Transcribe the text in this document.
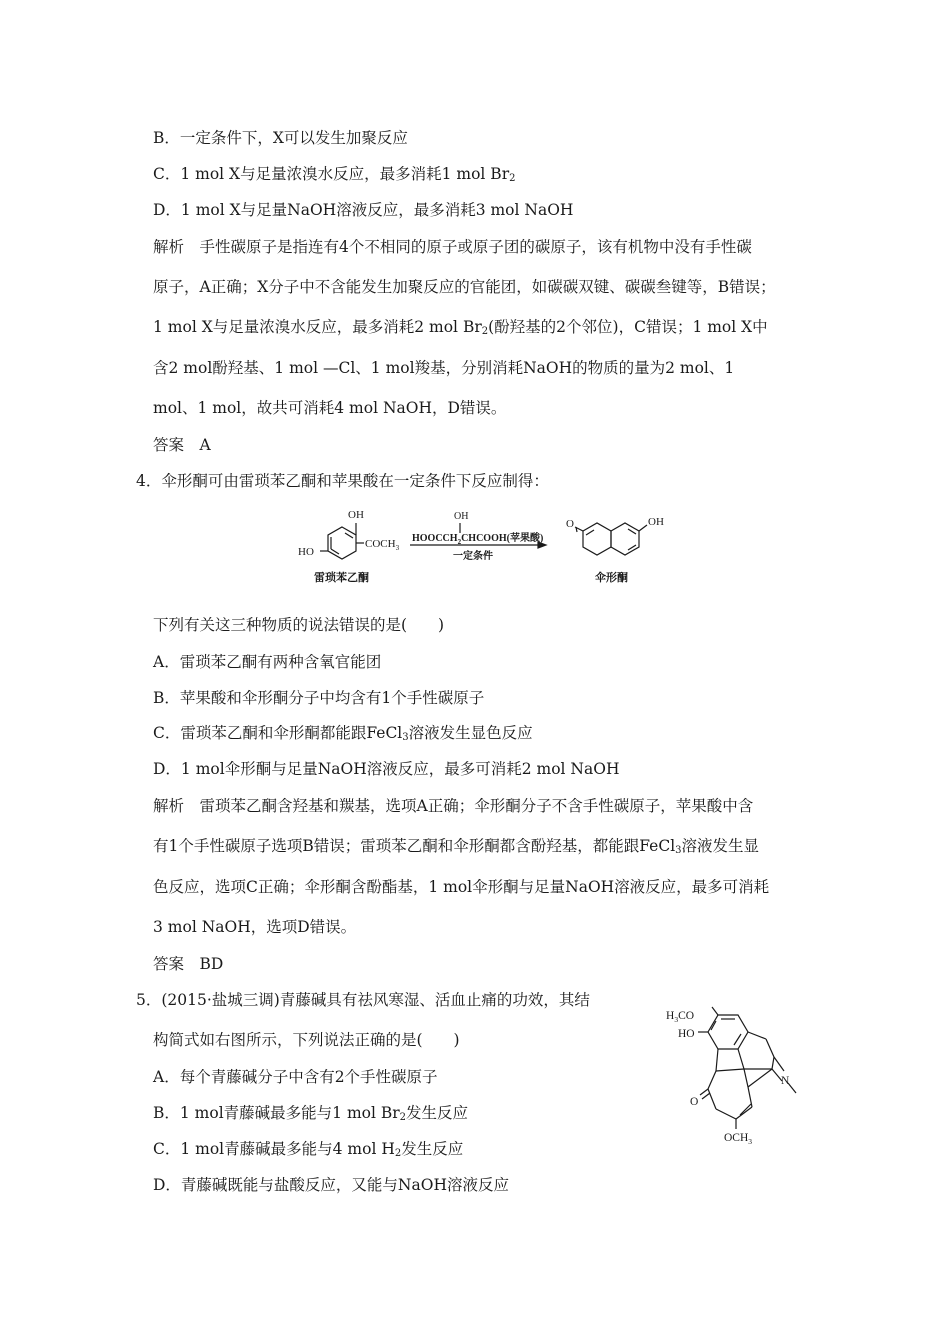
B．一定条件下，X可以发生加聚反应
C．1 mol X与足量浓溴水反应，最多消耗1 mol $Br_2$
D．1 mol X与足量NaOH溶液反应，最多消耗3 mol NaOH
解析　手性碳原子是指连有4个不相同的原子或原子团的碳原子，该有机物中没有手性碳
原子，A正确；X分子中不含能发生加聚反应的官能团，如碳碳双键、碳碳叁键等，B错误；
1 mol X与足量浓溴水反应，最多消耗2 mol $Br_2$(酚羟基的2个邻位)，C错误；1 mol X中
含2 mol酚羟基、1 mol —Cl、1 mol羧基，分别消耗NaOH的物质的量为2 mol、1
mol、1 mol，故共可消耗4 mol NaOH，D错误。
答案　A
4．伞形酮可由雷琐苯乙酮和苹果酸在一定条件下反应制得：
OH
HO
$COCH_3$
雷琐苯乙酮
OH
$HOOCCH_2CHCOOH$(苹果酸)
一定条件
O	OH
伞形酮
下列有关这三种物质的说法错误的是(　　)
A．雷琐苯乙酮有两种含氧官能团
B．苹果酸和伞形酮分子中均含有1个手性碳原子
C．雷琐苯乙酮和伞形酮都能跟FeCl$_3$溶液发生显色反应
D．1 mol伞形酮与足量NaOH溶液反应，最多可消耗2 mol NaOH
解析　雷琐苯乙酮含羟基和羰基，选项A正确；伞形酮分子不含手性碳原子，苹果酸中含
有1个手性碳原子选项B错误；雷琐苯乙酮和伞形酮都含酚羟基，都能跟FeCl$_3$溶液发生显
色反应，选项C正确；伞形酮含酚酯基，1 mol伞形酮与足量NaOH溶液反应，最多可消耗
3 mol NaOH，选项D错误。
答案　BD
5．(2015·盐城三调)青藤碱具有祛风寒湿、活血止痛的功效，其结
构简式如右图所示，下列说法正确的是(　　)
A．每个青藤碱分子中含有2个手性碳原子
B．1 mol青藤碱最多能与1 mol $Br_2$发生反应
C．1 mol青藤碱最多能与4 mol $H_2$发生反应
D．青藤碱既能与盐酸反应，又能与NaOH溶液反应
$H_3CO$
HO
N
O
$OCH_3$
